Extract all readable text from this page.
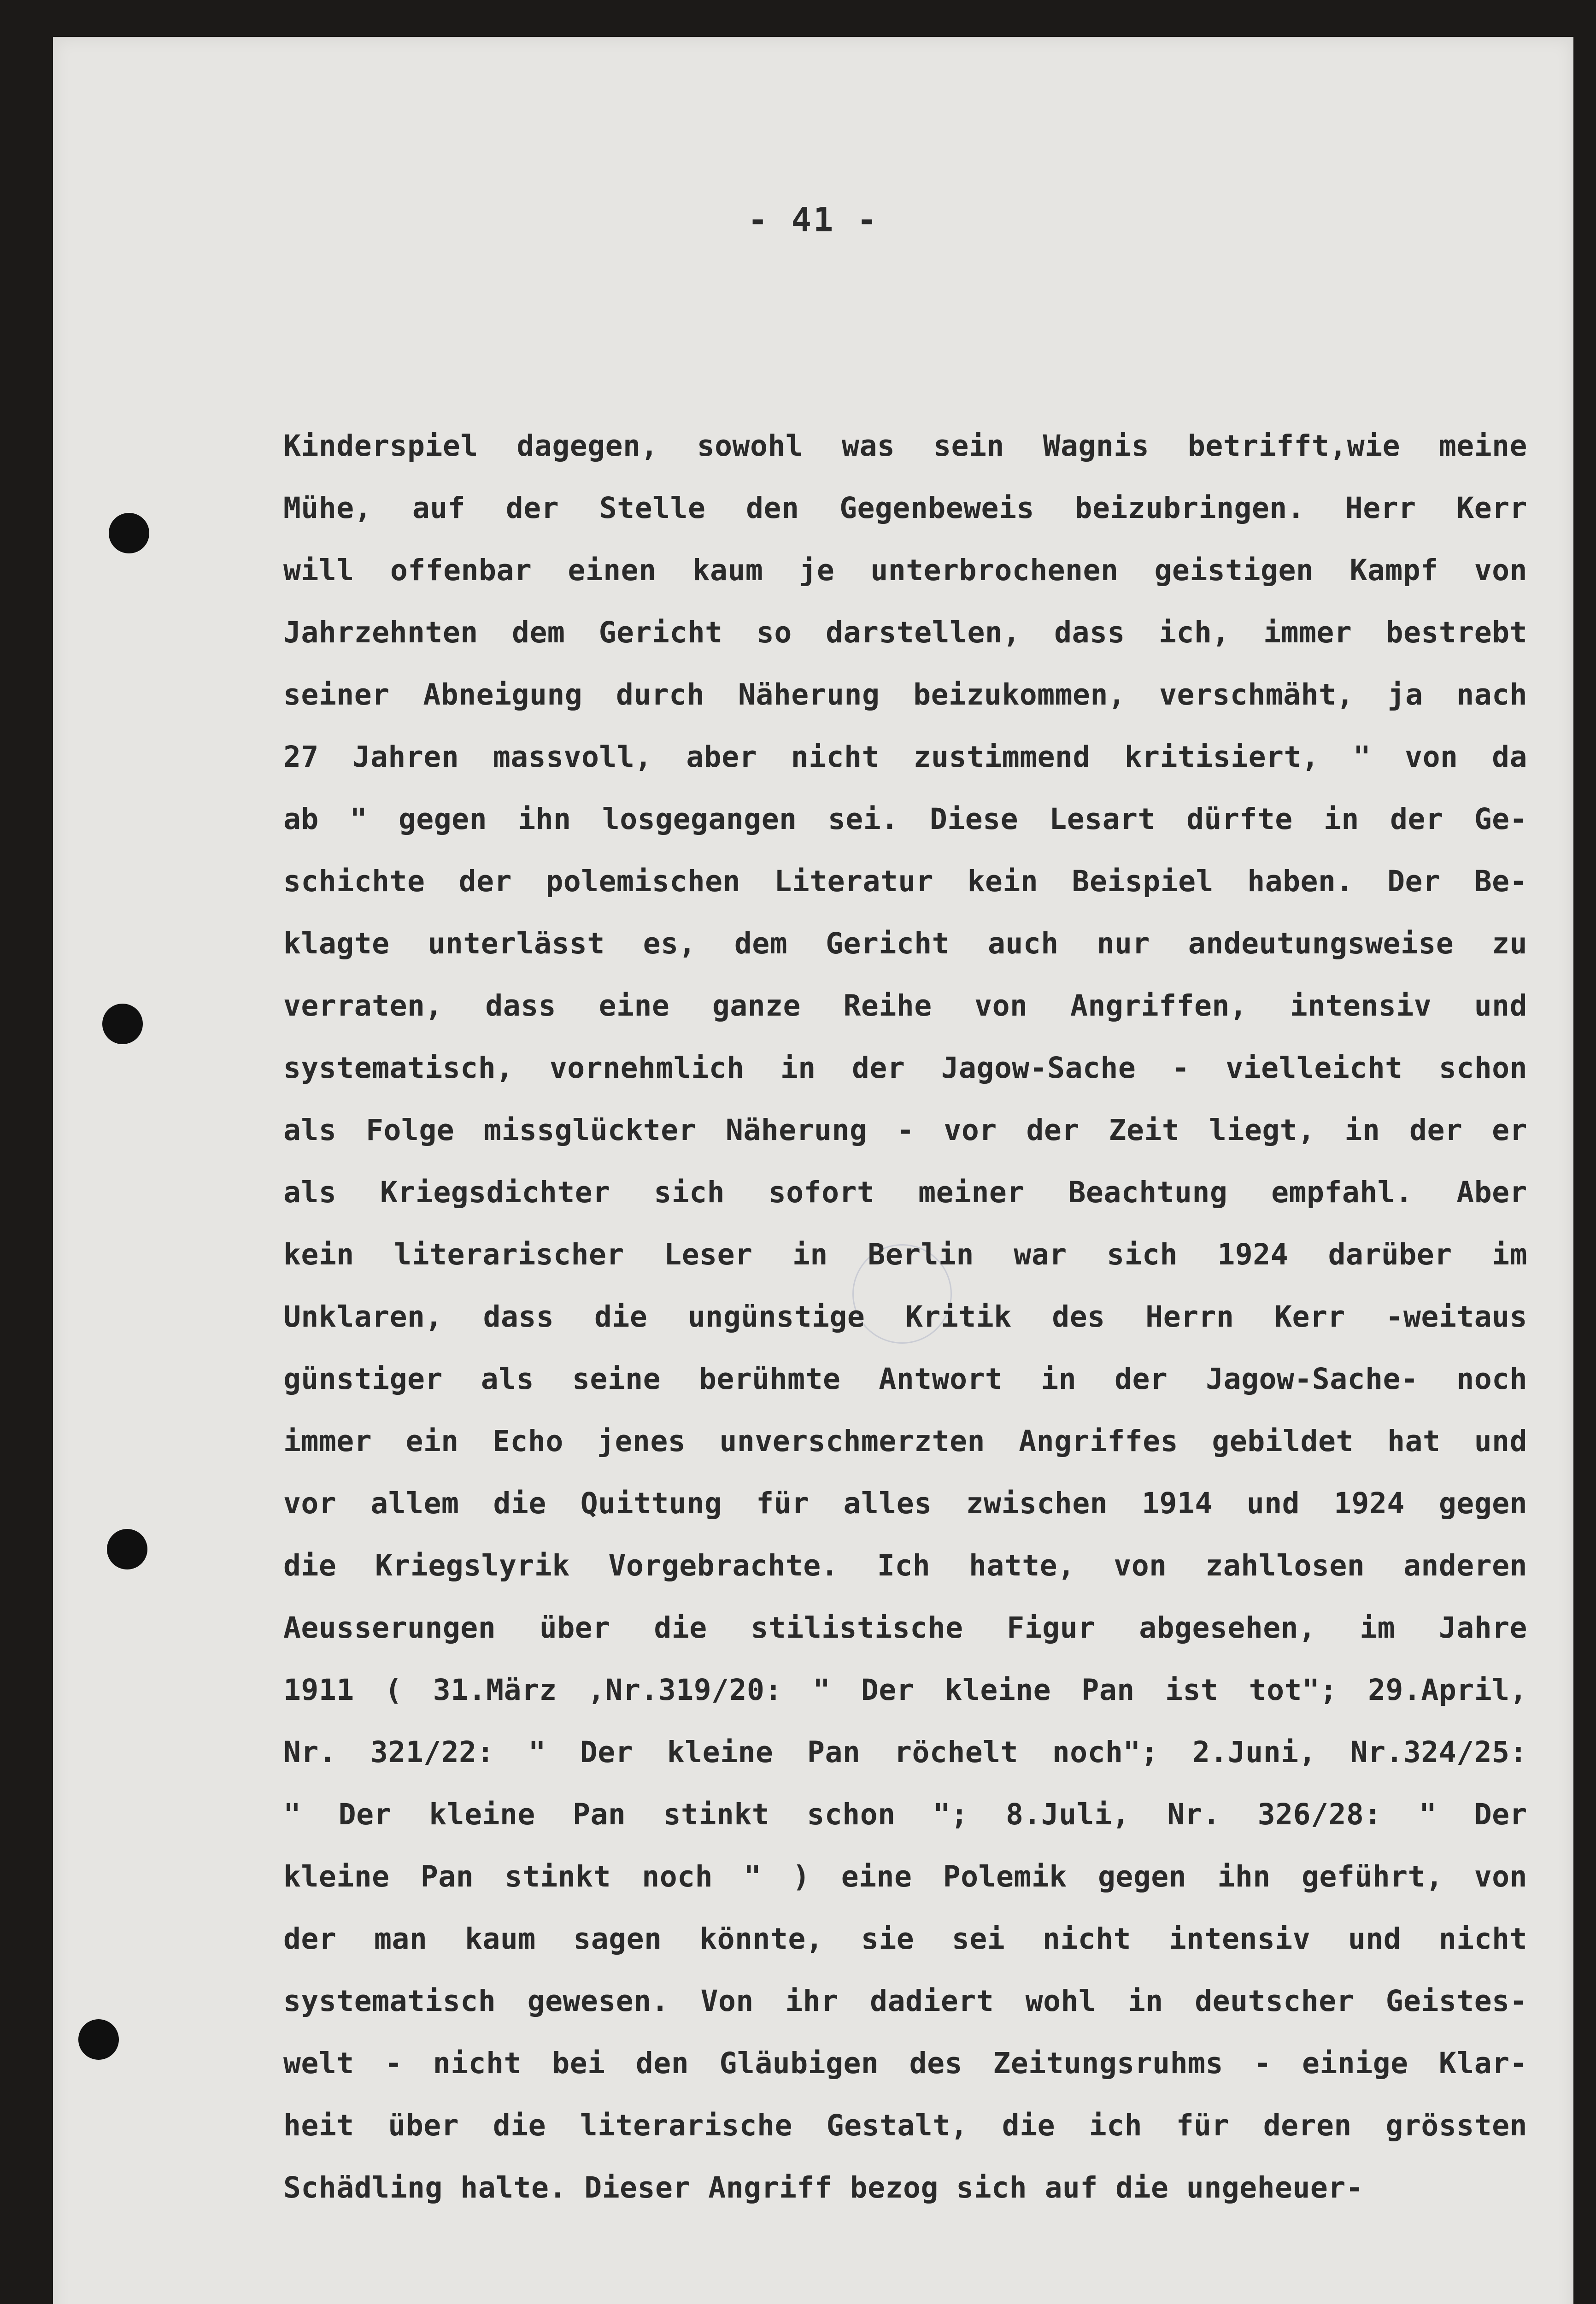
- 41 -
Kinderspiel dagegen, sowohl was sein Wagnis betrifft,wie meine
Mühe, auf der Stelle den Gegenbeweis beizubringen. Herr Kerr
will offenbar einen kaum je unterbrochenen geistigen Kampf von
Jahrzehnten dem Gericht so darstellen, dass ich, immer bestrebt
seiner Abneigung durch Näherung beizukommen, verschmäht, ja nach
27 Jahren massvoll, aber nicht zustimmend kritisiert, " von da
ab " gegen ihn losgegangen sei. Diese Lesart dürfte in der Ge-
schichte der polemischen Literatur kein Beispiel haben. Der Be-
klagte unterlässt es, dem Gericht auch nur andeutungsweise zu
verraten, dass eine ganze Reihe von Angriffen, intensiv und
systematisch, vornehmlich in der Jagow-Sache - vielleicht schon
als Folge missglückter Näherung - vor der Zeit liegt, in der er
als Kriegsdichter sich sofort meiner Beachtung empfahl. Aber
kein literarischer Leser in Berlin war sich 1924 darüber im
Unklaren, dass die ungünstige Kritik des Herrn Kerr -weitaus
günstiger als seine berühmte Antwort in der Jagow-Sache- noch
immer ein Echo jenes unverschmerzten Angriffes gebildet hat und
vor allem die Quittung für alles zwischen 1914 und 1924 gegen
die Kriegslyrik Vorgebrachte. Ich hatte, von zahllosen anderen
Aeusserungen über die stilistische Figur abgesehen, im Jahre
1911 ( 31.März ,Nr.319/20: " Der kleine Pan ist tot"; 29.April,
Nr. 321/22: " Der kleine Pan röchelt noch"; 2.Juni, Nr.324/25:
" Der kleine Pan stinkt schon "; 8.Juli, Nr. 326/28: " Der
kleine Pan stinkt noch " ) eine Polemik gegen ihn geführt, von
der man kaum sagen könnte, sie sei nicht intensiv und nicht
systematisch gewesen. Von ihr dadiert wohl in deutscher Geistes-
welt - nicht bei den Gläubigen des Zeitungsruhms - einige Klar-
heit über die literarische Gestalt, die ich für deren grössten
Schädling halte. Dieser Angriff bezog sich auf die ungeheuer-
